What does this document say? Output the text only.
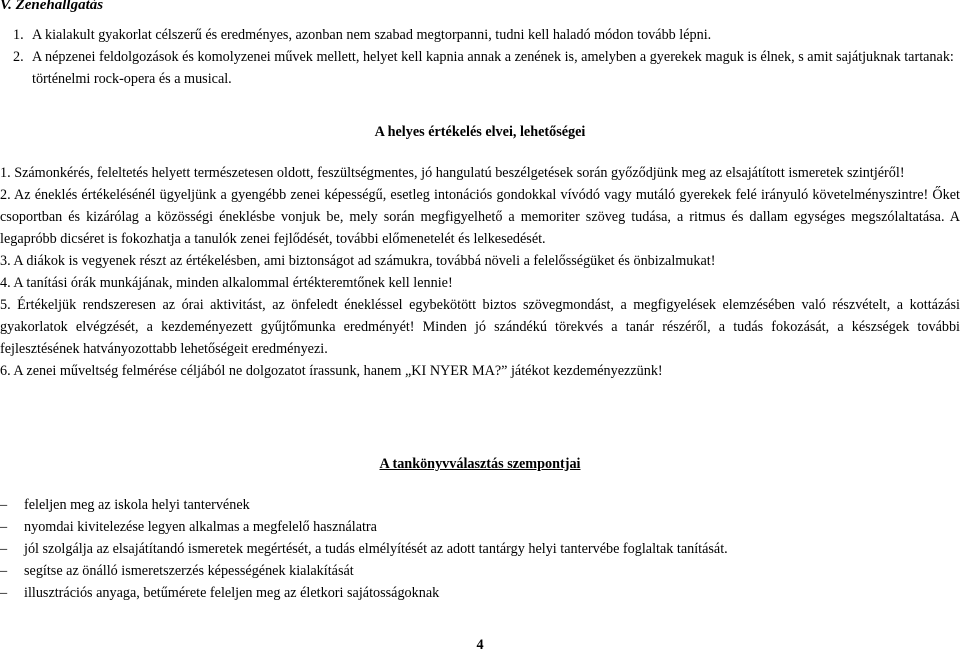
V. Zenehallgatás
1. A kialakult gyakorlat célszerű és eredményes, azonban nem szabad megtorpanni, tudni kell haladó módon tovább lépni.
2. A népzenei feldolgozások és komolyzenei művek mellett, helyet kell kapnia annak a zenének is, amelyben a gyerekek maguk is élnek, s amit sajátjuknak tartanak: történelmi rock-opera és a musical.
A helyes értékelés elvei, lehetőségei
1. Számonkérés, feleltetés helyett természetesen oldott, feszültségmentes, jó hangulatú beszélgetések során győződjünk meg az elsajátított ismeretek szintjéről!
2. Az éneklés értékelésénél ügyeljünk a gyengébb zenei képességű, esetleg intonációs gondokkal vívódó vagy mutáló gyerekek felé irányuló követelményszintre! Őket csoportban és kizárólag a közösségi éneklésbe vonjuk be, mely során megfigyelhető a memoriter szöveg tudása, a ritmus és dallam egységes megszólaltatása. A legapróbb dicséret is fokozhatja a tanulók zenei fejlődését, további előmenetelét és lelkesedését.
3. A diákok is vegyenek részt az értékelésben, ami biztonságot ad számukra, továbbá növeli a felelősségüket és önbizalmukat!
4. A tanítási órák munkájának, minden alkalommal értékteremtőnek kell lennie!
5. Értékeljük rendszeresen az órai aktivitást, az önfeledt énekléssel egybekötött biztos szövegmondást, a megfigyelések elemzésében való részvételt, a kottázási gyakorlatok elvégzését, a kezdeményezett gyűjtőmunka eredményét! Minden jó szándékú törekvés a tanár részéről, a tudás fokozását, a készségek további fejlesztésének hatványozottabb lehetőségeit eredményezi.
6. A zenei műveltség felmérése céljából ne dolgozatot írassunk, hanem „KI NYER MA?” játékot kezdeményezzünk!
A tankönyvválasztás szempontjai
–	feleljen meg az iskola helyi tantervének
–	nyomdai kivitelezése legyen alkalmas a megfelelő használatra
–	jól szolgálja az elsajátítandó ismeretek megértését, a tudás elmélyítését az adott tantárgy helyi tantervébe foglaltak tanítását.
–	segítse az önálló ismeretszerzés képességének kialakítását
–	illusztrációs anyaga, betűmérete feleljen meg az életkori sajátosságoknak
4
